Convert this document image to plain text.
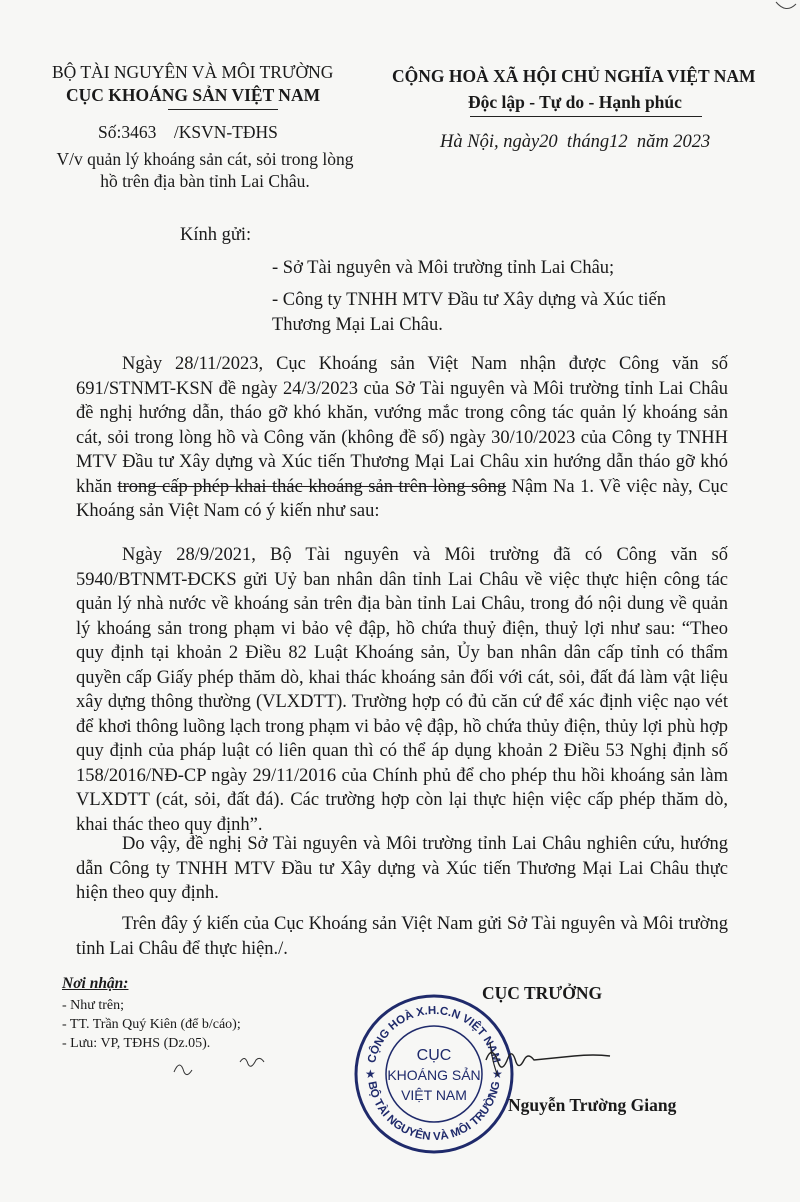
BỘ TÀI NGUYÊN VÀ MÔI TRƯỜNG
CỤC KHOÁNG SẢN VIỆT NAM
CỘNG HOÀ XÃ HỘI CHỦ NGHĨA VIỆT NAM
Độc lập - Tự do - Hạnh phúc
Số:3463    /KSVN-TĐHS
V/v quản lý khoáng sản cát, sỏi trong lòng
hồ trên địa bàn tỉnh Lai Châu.
Hà Nội, ngày20  tháng12  năm 2023
Kính gửi:
- Sở Tài nguyên và Môi trường tỉnh Lai Châu;
- Công ty TNHH MTV Đầu tư Xây dựng và Xúc tiến
Thương Mại Lai Châu.
Ngày 28/11/2023, Cục Khoáng sản Việt Nam nhận được Công văn số 691/STNMT-KSN đề ngày 24/3/2023 của Sở Tài nguyên và Môi trường tỉnh Lai Châu đề nghị hướng dẫn, tháo gỡ khó khăn, vướng mắc trong công tác quản lý khoáng sản cát, sỏi trong lòng hồ và Công văn (không đề số) ngày 30/10/2023 của Công ty TNHH MTV Đầu tư Xây dựng và Xúc tiến Thương Mại Lai Châu xin hướng dẫn tháo gỡ khó khăn trong cấp phép khai thác khoáng sản trên lòng sông Nậm Na 1. Về việc này, Cục Khoáng sản Việt Nam có ý kiến như sau:
Ngày 28/9/2021, Bộ Tài nguyên và Môi trường đã có Công văn số 5940/BTNMT-ĐCKS gửi Uỷ ban nhân dân tỉnh Lai Châu về việc thực hiện công tác quản lý nhà nước về khoáng sản trên địa bàn tỉnh Lai Châu, trong đó nội dung về quản lý khoáng sản trong phạm vi bảo vệ đập, hồ chứa thuỷ điện, thuỷ lợi như sau: “Theo quy định tại khoản 2 Điều 82 Luật Khoáng sản, Ủy ban nhân dân cấp tỉnh có thẩm quyền cấp Giấy phép thăm dò, khai thác khoáng sản đối với cát, sỏi, đất đá làm vật liệu xây dựng thông thường (VLXDTT). Trường hợp có đủ căn cứ để xác định việc nạo vét để khơi thông luồng lạch trong phạm vi bảo vệ đập, hồ chứa thủy điện, thủy lợi phù hợp quy định của pháp luật có liên quan thì có thể áp dụng khoản 2 Điều 53 Nghị định số 158/2016/NĐ-CP ngày 29/11/2016 của Chính phủ để cho phép thu hồi khoáng sản làm VLXDTT (cát, sỏi, đất đá). Các trường hợp còn lại thực hiện việc cấp phép thăm dò, khai thác theo quy định”.
Do vậy, đề nghị Sở Tài nguyên và Môi trường tỉnh Lai Châu nghiên cứu, hướng dẫn Công ty TNHH MTV Đầu tư Xây dựng và Xúc tiến Thương Mại Lai Châu thực hiện theo quy định.
Trên đây ý kiến của Cục Khoáng sản Việt Nam gửi Sở Tài nguyên và Môi trường tỉnh Lai Châu để thực hiện./.
Nơi nhận:
- Như trên;
- TT. Trần Quý Kiên (để b/cáo);
- Lưu: VP, TĐHS (Dz.05).
CỤC TRƯỞNG
CỘNG HOÀ X.H.C.N VIỆT NAM
BỘ TÀI NGUYÊN VÀ MÔI TRƯỜNG
★	★
CỤC
KHOÁNG SẢN
VIỆT NAM Nguyễn Trường Giang
